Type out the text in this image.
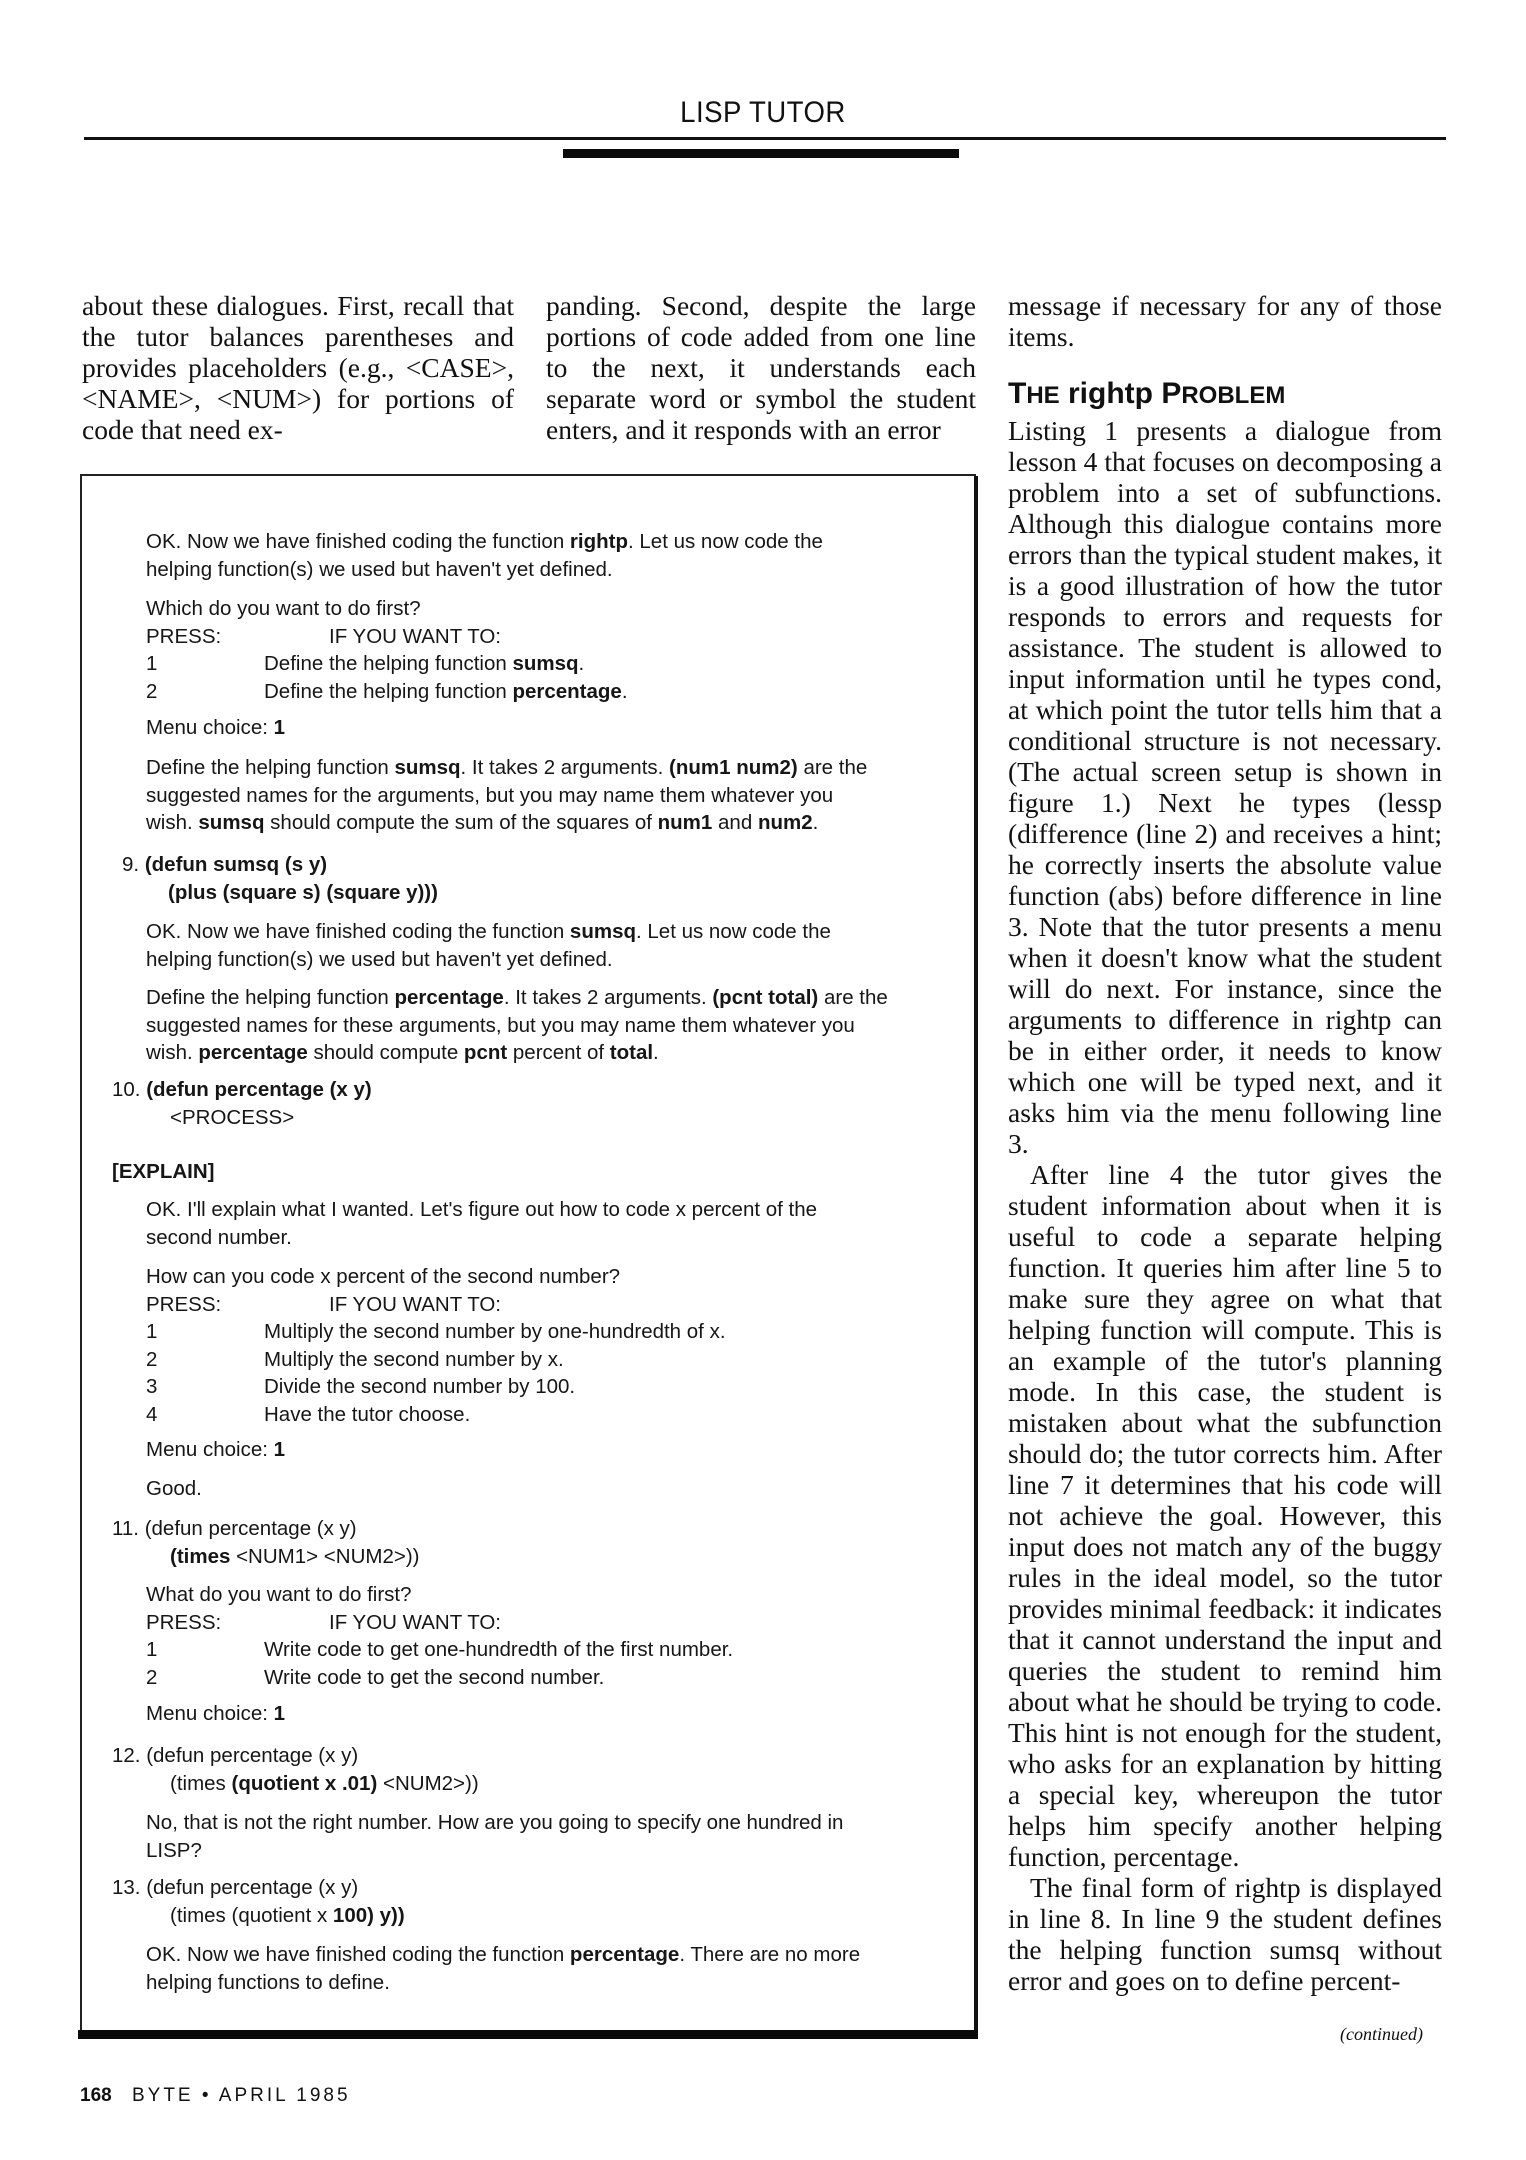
LISP TUTOR

about these dialogues. First, recall that the tutor balances parentheses and provides placeholders (e.g., <CASE>, <NAME>, <NUM>) for portions of code that need ex-

panding. Second, despite the large portions of code added from one line to the next, it understands each separate word or symbol the student enters, and it responds with an error

message if necessary for any of those items.

THE rightp PROBLEM

Listing 1 presents a dialogue from lesson 4 that focuses on decomposing a problem into a set of subfunctions. Although this dialogue contains more errors than the typical student makes, it is a good illustration of how the tutor responds to errors and requests for assistance. The student is allowed to input information until he types cond, at which point the tutor tells him that a conditional structure is not necessary. (The actual screen setup is shown in figure 1.) Next he types (lessp (difference (line 2) and receives a hint; he correctly inserts the absolute value function (abs) before difference in line 3. Note that the tutor presents a menu when it doesn't know what the student will do next. For instance, since the arguments to difference in rightp can be in either order, it needs to know which one will be typed next, and it asks him via the menu following line 3.

After line 4 the tutor gives the student information about when it is useful to code a separate helping function. It queries him after line 5 to make sure they agree on what that helping function will compute. This is an example of the tutor's planning mode. In this case, the student is mistaken about what the subfunction should do; the tutor corrects him. After line 7 it determines that his code will not achieve the goal. However, this input does not match any of the buggy rules in the ideal model, so the tutor provides minimal feedback: it indicates that it cannot understand the input and queries the student to remind him about what he should be trying to code. This hint is not enough for the student, who asks for an explanation by hitting a special key, whereupon the tutor helps him specify another helping function, percentage.

The final form of rightp is displayed in line 8. In line 9 the student defines the helping function sumsq without error and goes on to define percent-

(continued)
OK. Now we have finished coding the function rightp. Let us now code the
helping function(s) we used but haven't yet defined.
Which do you want to do first?
PRESS:	IF YOU WANT TO:
1	Define the helping function sumsq.
2	Define the helping function percentage.
Menu choice: 1
Define the helping function sumsq. It takes 2 arguments. (num1 num2) are the
suggested names for the arguments, but you may name them whatever you
wish. sumsq should compute the sum of the squares of num1 and num2.
9. (defun sumsq (s y)
(plus (square s) (square y)))
OK. Now we have finished coding the function sumsq. Let us now code the
helping function(s) we used but haven't yet defined.
Define the helping function percentage. It takes 2 arguments. (pcnt total) are the
suggested names for these arguments, but you may name them whatever you
wish. percentage should compute pcnt percent of total.
10. (defun percentage (x y)
<PROCESS>
[EXPLAIN]
OK. I'll explain what I wanted. Let's figure out how to code x percent of the
second number.
How can you code x percent of the second number?
PRESS:	IF YOU WANT TO:
1	Multiply the second number by one-hundredth of x.
2	Multiply the second number by x.
3	Divide the second number by 100.
4	Have the tutor choose.
Menu choice: 1
Good.
11. (defun percentage (x y)
(times <NUM1> <NUM2>))
What do you want to do first?
PRESS:	IF YOU WANT TO:
1	Write code to get one-hundredth of the first number.
2	Write code to get the second number.
Menu choice: 1
12. (defun percentage (x y)
(times (quotient x .01) <NUM2>))
No, that is not the right number. How are you going to specify one hundred in
LISP?
13. (defun percentage (x y)
(times (quotient x 100) y))
OK. Now we have finished coding the function percentage. There are no more
helping functions to define.
168 BYTE • APRIL 1985
